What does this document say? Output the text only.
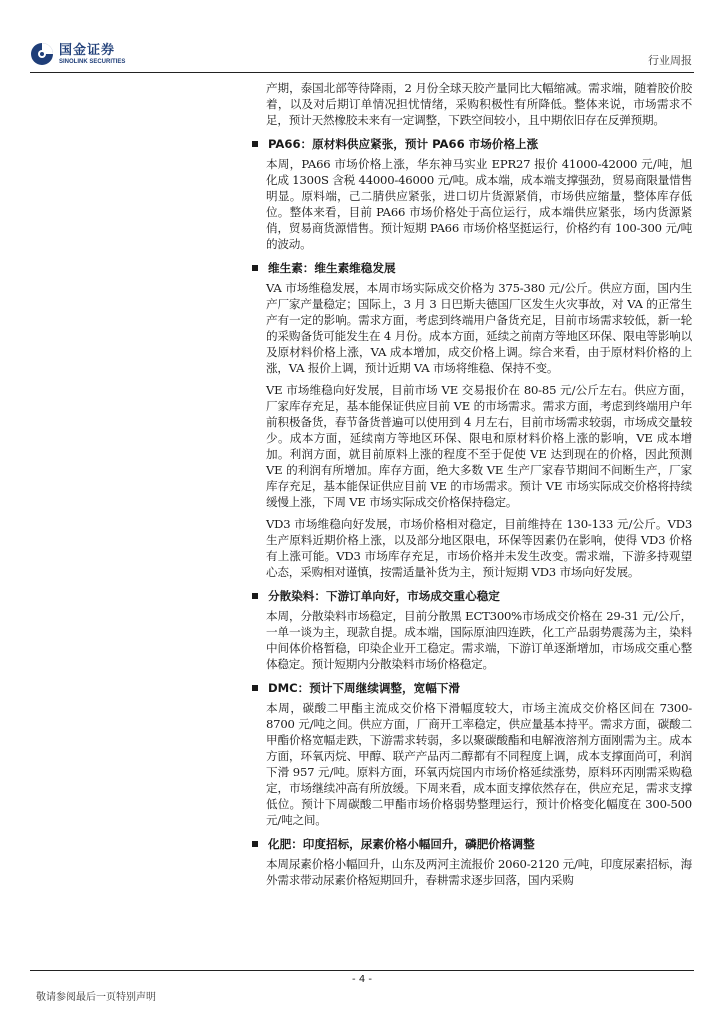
国金证券
SINOLINK SECURITIES	行业周报

产期，泰国北部等待降雨，2 月份全球天胶产量同比大幅缩减。需求端，随着胶价胶着，以及对后期订单情况担忧情绪，采购积极性有所降低。整体来说，市场需求不足，预计天然橡胶未来有一定调整，下跌空间较小，且中期依旧存在反弹预期。

PA66：原材料供应紧张，预计 PA66 市场价格上涨

本周，PA66 市场价格上涨，华东神马实业 EPR27 报价 41000-42000 元/吨，旭化成 1300S 含税 44000-46000 元/吨。成本端，成本端支撑强劲，贸易商限量惜售明显。原料端，己二腈供应紧张，进口切片货源紧俏，市场供应缩量，整体库存低位。整体来看，目前 PA66 市场价格处于高位运行，成本端供应紧张，场内货源紧俏，贸易商货源惜售。预计短期 PA66 市场价格坚挺运行，价格约有 100-300 元/吨的波动。

维生素：维生素维稳发展

VA 市场维稳发展，本周市场实际成交价格为 375-380 元/公斤。供应方面，国内生产厂家产量稳定；国际上，3 月 3 日巴斯夫德国厂区发生火灾事故，对 VA 的正常生产有一定的影响。需求方面，考虑到终端用户备货充足，目前市场需求较低，新一轮的采购备货可能发生在 4 月份。成本方面，延续之前南方等地区环保、限电等影响以及原材料价格上涨，VA 成本增加，成交价格上调。综合来看，由于原材料价格的上涨，VA 报价上调，预计近期 VA 市场将维稳、保持不变。

VE 市场维稳向好发展，目前市场 VE 交易报价在 80-85 元/公斤左右。供应方面，厂家库存充足，基本能保证供应目前 VE 的市场需求。需求方面，考虑到终端用户年前积极备货，春节备货普遍可以使用到 4 月左右，目前市场需求较弱，市场成交量较少。成本方面，延续南方等地区环保、限电和原材料价格上涨的影响，VE 成本增加。利润方面，就目前原料上涨的程度不至于促使 VE 达到现在的价格，因此预测 VE 的利润有所增加。库存方面，绝大多数 VE 生产厂家春节期间不间断生产，厂家库存充足，基本能保证供应目前 VE 的市场需求。预计 VE 市场实际成交价格将持续缓慢上涨，下周 VE 市场实际成交价格保持稳定。

VD3 市场维稳向好发展，市场价格相对稳定，目前维持在 130-133 元/公斤。VD3 生产原料近期价格上涨，以及部分地区限电，环保等因素仍在影响，使得 VD3 价格有上涨可能。VD3 市场库存充足，市场价格并未发生改变。需求端，下游多持观望心态，采购相对谨慎，按需适量补货为主，预计短期 VD3 市场向好发展。

分散染料：下游订单向好，市场成交重心稳定

本周，分散染料市场稳定，目前分散黑 ECT300%市场成交价格在 29-31 元/公斤，一单一谈为主，现款自提。成本端，国际原油四连跌，化工产品弱势震荡为主，染料中间体价格暂稳，印染企业开工稳定。需求端，下游订单逐渐增加，市场成交重心整体稳定。预计短期内分散染料市场价格稳定。

DMC：预计下周继续调整，宽幅下滑

本周，碳酸二甲酯主流成交价格下滑幅度较大，市场主流成交价格区间在 7300-8700 元/吨之间。供应方面，厂商开工率稳定，供应量基本持平。需求方面，碳酸二甲酯价格宽幅走跌，下游需求转弱，多以聚碳酸酯和电解液溶剂方面刚需为主。成本方面，环氧丙烷、甲醇、联产产品丙二醇都有不同程度上调，成本支撑面尚可，利润下滑 957 元/吨。原料方面，环氧丙烷国内市场价格延续涨势，原料环丙刚需采购稳定，市场继续冲高有所放缓。下周来看，成本面支撑依然存在，供应充足，需求支撑低位。预计下周碳酸二甲酯市场价格弱势整理运行，预计价格变化幅度在 300-500 元/吨之间。

化肥：印度招标，尿素价格小幅回升，磷肥价格调整

本周尿素价格小幅回升，山东及两河主流报价 2060-2120 元/吨，印度尿素招标，海外需求带动尿素价格短期回升，春耕需求逐步回落，国内采购

- 4 -
敬请参阅最后一页特别声明
